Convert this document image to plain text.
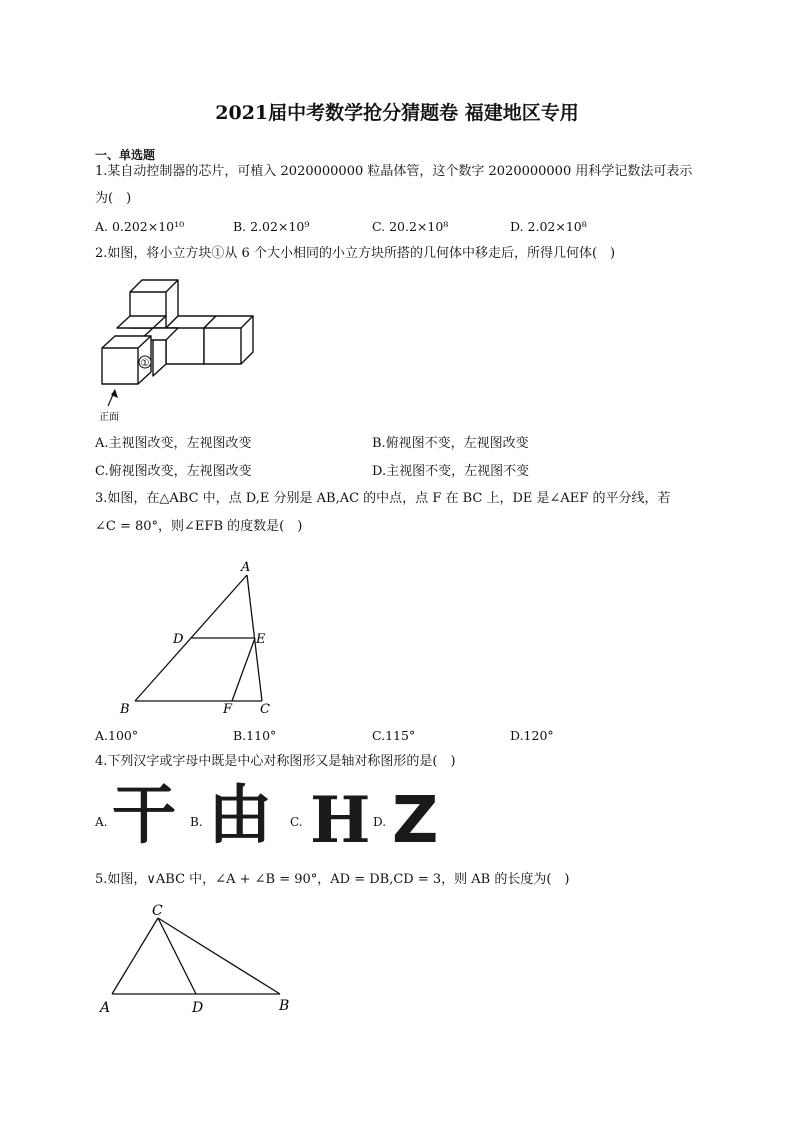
2021届中考数学抢分猜题卷 福建地区专用
一、单选题
1.某自动控制器的芯片，可植入 2020000000 粒晶体管，这个数字 2020000000 用科学记数法可表示
为(　)
A. 0.202×10¹⁰	B. 2.02×10⁹	C. 20.2×10⁸	D. 2.02×10⁸
2.如图，将小立方块①从 6 个大小相同的小立方块所搭的几何体中移走后，所得几何体(　)
①
正面
A.主视图改变，左视图改变	B.俯视图不变，左视图改变
C.俯视图改变，左视图改变	D.主视图不变，左视图不变
3.如图，在△ABC 中，点 D,E 分别是 AB,AC 的中点，点 F 在 BC 上，DE 是∠AEF 的平分线，若
∠C = 80°，则∠EFB 的度数是(　)
A
B	C
D	E
F
A.100°	B.110°	C.115°	D.120°
4.下列汉字或字母中既是中心对称图形又是轴对称图形的是(　)
A. 干 B. 由 C. H D. Z
5.如图，∨ABC 中，∠A + ∠B = 90°，AD = DB,CD = 3，则 AB 的长度为(　)
C
A	D	B
